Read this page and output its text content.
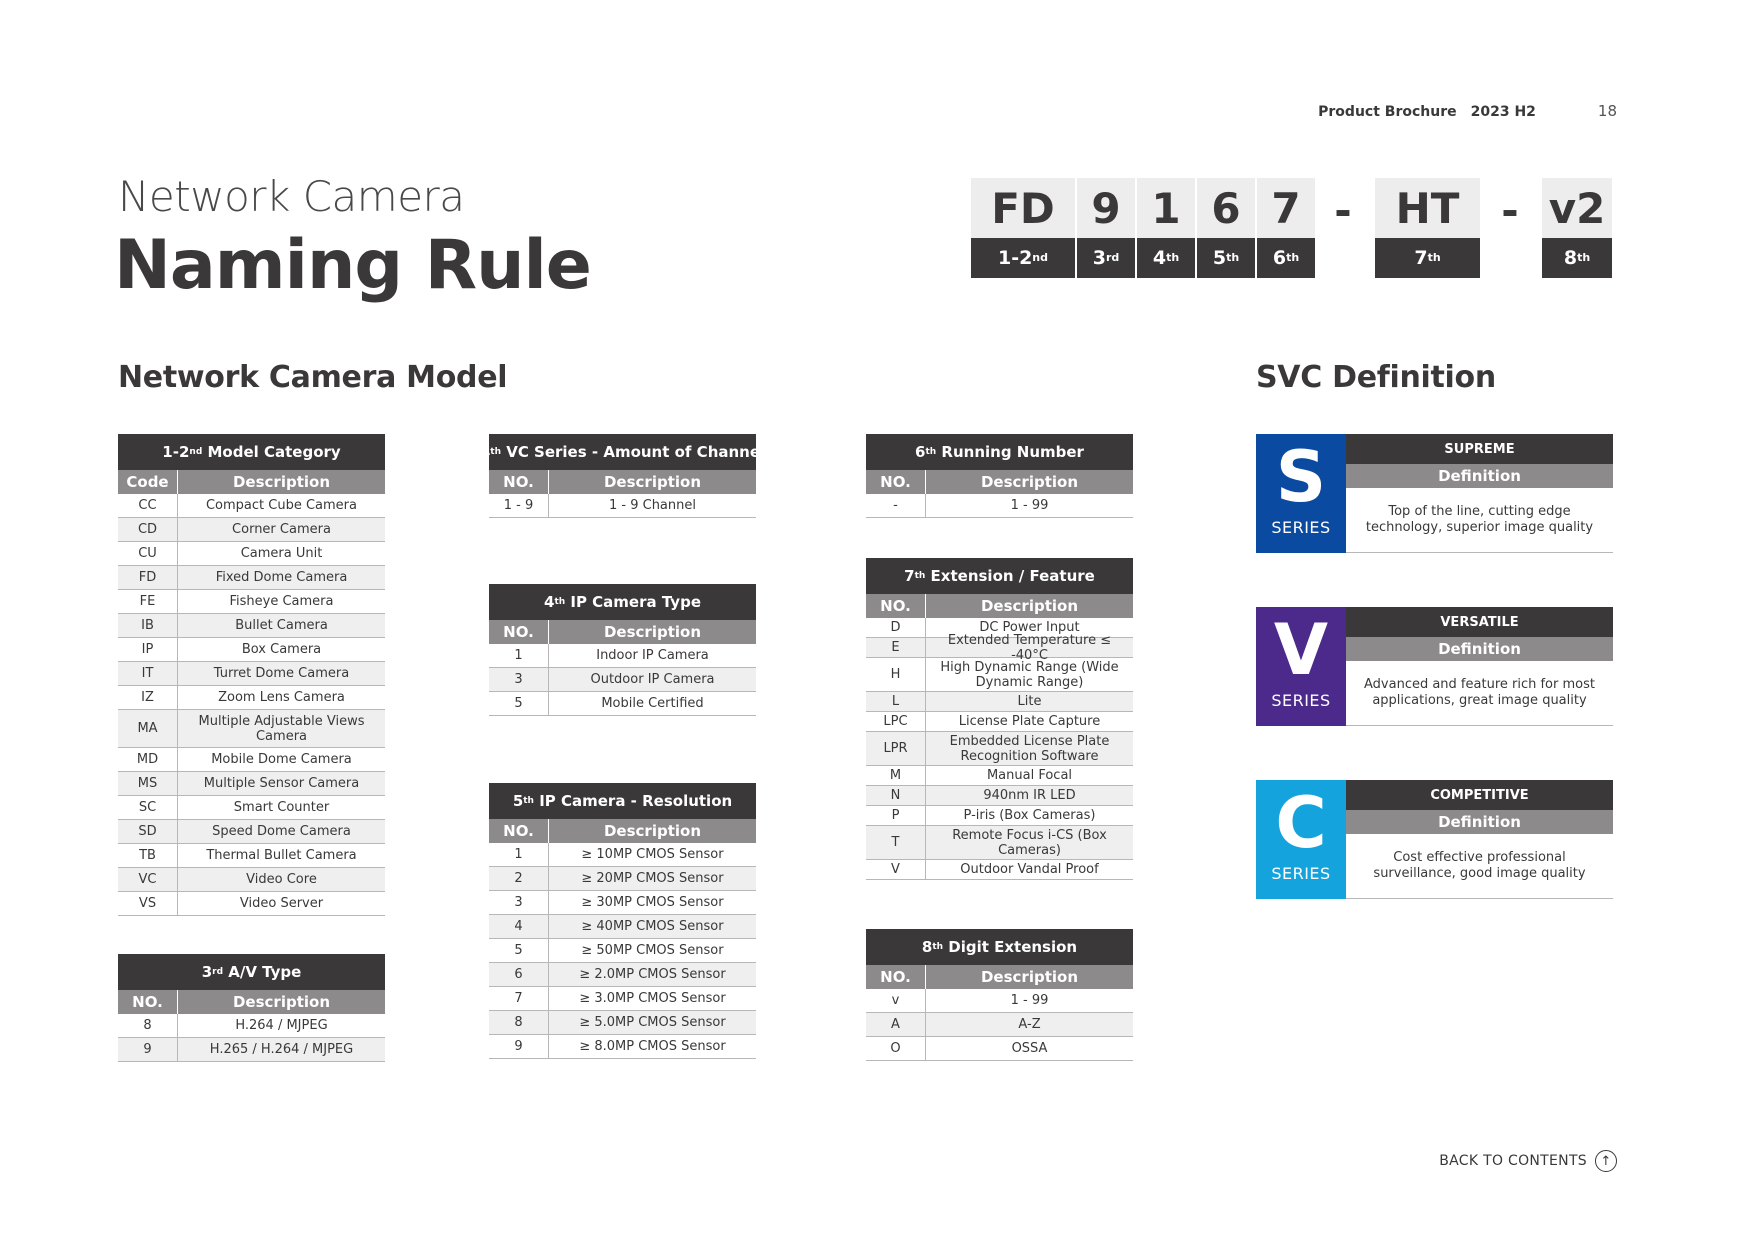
Product Brochure 2023 H2	18
Network Camera
Naming Rule
FD
1-2 nd
9
3 rd
1
4 th
6
5 th
7
6 th
HT
7 th
v2
8 th
-	-
Network Camera Model	SVC Definition
1-2 nd Model Category
Code	Description
CC	Compact Cube Camera
CD	Corner Camera
CU	Camera Unit
FD	Fixed Dome Camera
FE	Fisheye Camera
IB	Bullet Camera
IP	Box Camera
IT	Turret Dome Camera
IZ	Zoom Lens Camera
MA	Multiple Adjustable Views Camera
MD	Mobile Dome Camera
MS	Multiple Sensor Camera
SC	Smart Counter
SD	Speed Dome Camera
TB	Thermal Bullet Camera
VC	Video Core
VS	Video Server
3 rd A/V Type
NO.	Description
8	H.264 / MJPEG
9	H.265 / H.264 / MJPEG
4 th VC Series - Amount of Channel
NO.	Description
1 - 9	1 - 9 Channel
4 th IP Camera Type
NO.	Description
1	Indoor IP Camera
3	Outdoor IP Camera
5	Mobile Certified
5 th IP Camera - Resolution
NO.	Description
1	≥ 10MP CMOS Sensor
2	≥ 20MP CMOS Sensor
3	≥ 30MP CMOS Sensor
4	≥ 40MP CMOS Sensor
5	≥ 50MP CMOS Sensor
6	≥ 2.0MP CMOS Sensor
7	≥ 3.0MP CMOS Sensor
8	≥ 5.0MP CMOS Sensor
9	≥ 8.0MP CMOS Sensor
6 th Running Number
NO.	Description
-	1 - 99
7 th Extension / Feature
NO.	Description
D	DC Power Input
E	Extended Temperature ≤ -40°C
H	High Dynamic Range (Wide Dynamic Range)
L	Lite
LPC	License Plate Capture
LPR	Embedded License Plate Recognition Software
M	Manual Focal
N	940nm IR LED
P	P-iris (Box Cameras)
T	Remote Focus i-CS (Box Cameras)
V	Outdoor Vandal Proof
8 th Digit Extension
NO.	Description
v	1 - 99
A	A-Z
O	OSSA
S
SERIES
SUPREME
Definition
Top of the line, cutting edge technology, superior image quality
V
SERIES
VERSATILE
Definition
Advanced and feature rich for most applications, great image quality
C
SERIES
COMPETITIVE
Definition
Cost effective professional surveillance, good image quality
BACK TO CONTENTS	↑
